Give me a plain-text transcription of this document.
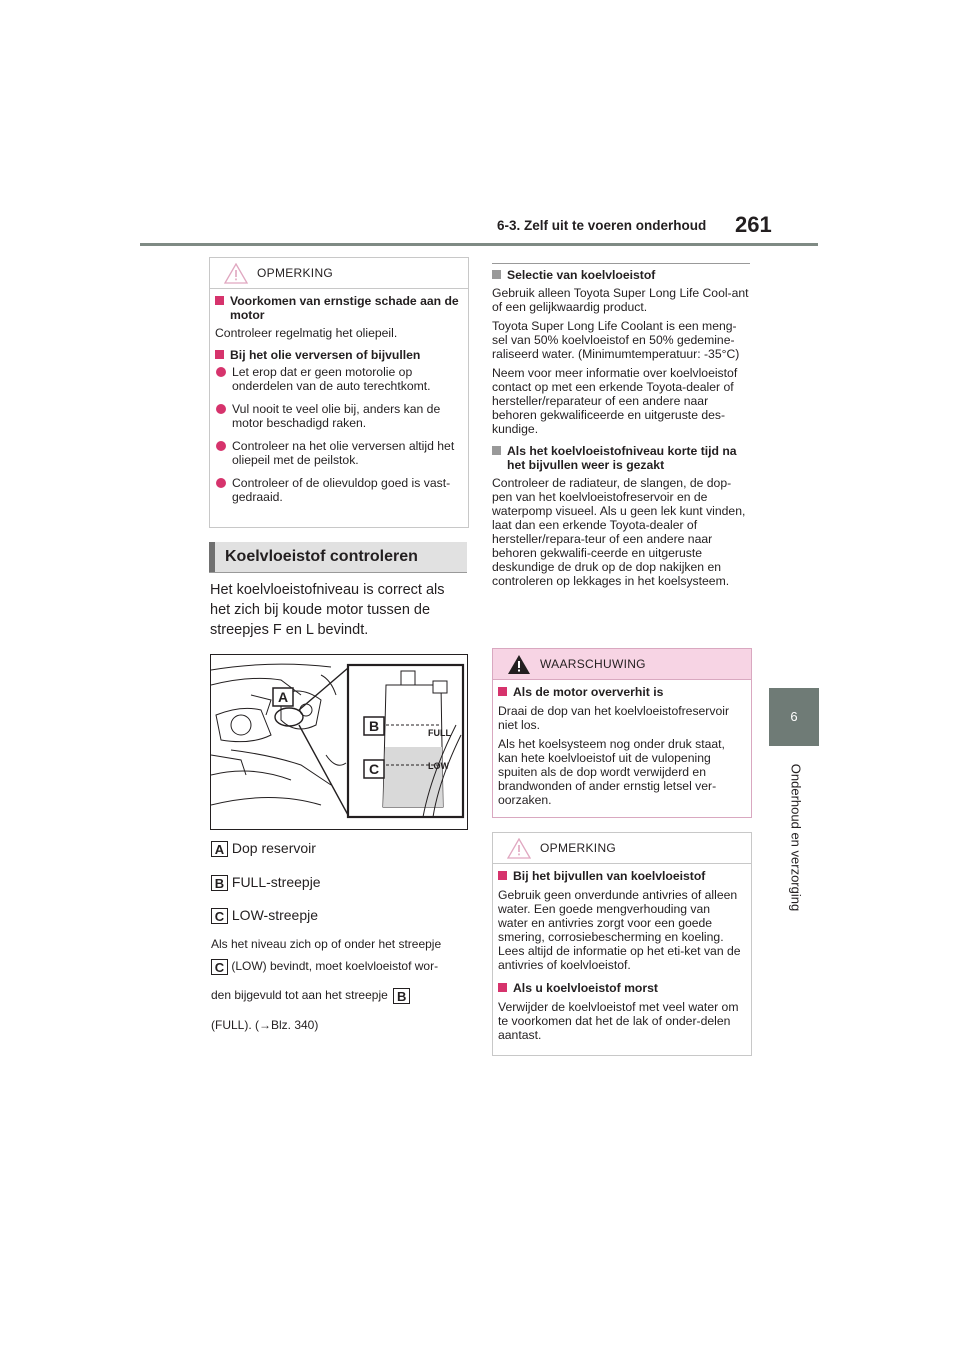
6-3. Zelf uit te voeren onderhoud 261
6
Onderhoud en verzorging
OPMERKING
Voorkomen van ernstige schade aan de motor
Controleer regelmatig het oliepeil.
Bij het olie verversen of bijvullen
Let erop dat er geen motorolie op onderdelen van de auto terechtkomt.
Vul nooit te veel olie bij, anders kan de motor beschadigd raken.
Controleer na het olie verversen altijd het oliepeil met de peilstok.
Controleer of de olievuldop goed is vast-gedraaid.
Koelvloeistof controleren
Het koelvloeistofniveau is correct als het zich bij koude motor tussen de streepjes F en L bevindt.
FULL
LOW
A
B
C
A Dop reservoir
B FULL-streepje
C LOW-streepje
Als het niveau zich op of onder het streepje
C (LOW) bevindt, moet koelvloeistof wor-
den bijgevuld tot aan het streepje B
(FULL). (→Blz. 340)
Selectie van koelvloeistof
Gebruik alleen Toyota Super Long Life Cool-ant of een gelijkwaardig product.
Toyota Super Long Life Coolant is een meng-sel van 50% koelvloeistof en 50% gedemine-raliseerd water. (Minimumtemperatuur: -35°C)
Neem voor meer informatie over koelvloeistof contact op met een erkende Toyota-dealer of hersteller/reparateur of een andere naar behoren gekwalificeerde en uitgeruste des-kundige.
Als het koelvloeistofniveau korte tijd na het bijvullen weer is gezakt
Controleer de radiateur, de slangen, de dop-pen van het koelvloeistofreservoir en de waterpomp visueel. Als u geen lek kunt vinden, laat dan een erkende Toyota-dealer of hersteller/repara-teur of een andere naar behoren gekwalifi-ceerde en uitgeruste deskundige de druk op de dop nakijken en controleren op lekkages in het koelsysteem.
WAARSCHUWING
Als de motor oververhit is
Draai de dop van het koelvloeistofreservoir niet los.
Als het koelsysteem nog onder druk staat, kan hete koelvloeistof uit de vulopening spuiten als de dop wordt verwijderd en brandwonden of ander ernstig letsel ver-oorzaken.
OPMERKING
Bij het bijvullen van koelvloeistof
Gebruik geen onverdunde antivries of alleen water. Een goede mengverhouding van water en antivries zorgt voor een goede smering, corrosiebescherming en koeling. Lees altijd de informatie op het eti-ket van de antivries of koelvloeistof.
Als u koelvloeistof morst
Verwijder de koelvloeistof met veel water om te voorkomen dat het de lak of onder-delen aantast.
